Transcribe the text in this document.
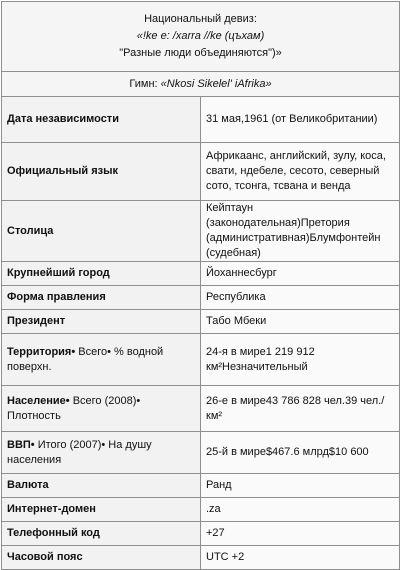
Национальный девиз:
«!ke e: /xarra //ke (цъхам)
"Разные люди объединяются")»	

Гимн: «Nkosi Sikelel' iAfrika»	
Дата независимости	31 мая,1961 (от Великобритании)
Официальный язык	Африкаанс, английский, зулу, коса, свати, ндебеле, сесото, северный сото, тсонга, тсвана и венда
Столица	Кейптаун (законодательная)Претория (административная)Блумфонтейн (судебная)
Крупнейший город	Йоханнесбург
Форма правления	Республика
Президент	Табо Мбеки
Территория• Всего• % водной поверхн.	24-я в мире1 219 912 км²Незначительный
Население• Всего (2008)• Плотность	26-е в мире43 786 828 чел.39 чел./км²
ВВП• Итого (2007)• На душу населения	25-й в мире$467.6 млрд$10 600
Валюта	Ранд
Интернет-домен	.za
Телефонный код	+27
Часовой пояс	UTC +2
